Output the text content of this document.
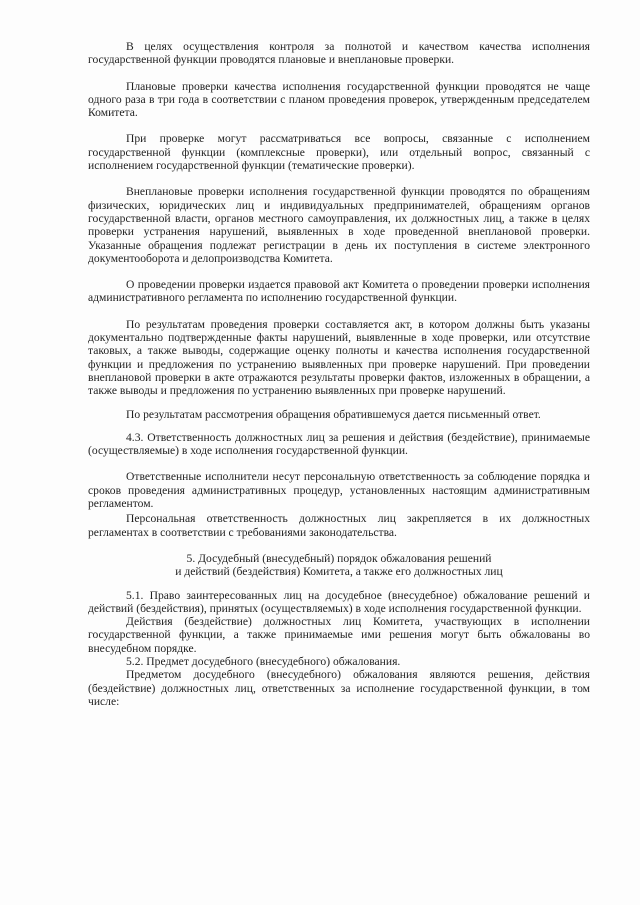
В целях осуществления контроля за полнотой и качеством качества исполнения государственной функции проводятся плановые и внеплановые проверки.

Плановые проверки качества исполнения государственной функции проводятся не чаще одного раза в три года в соответствии с планом проведения проверок, утвержденным председателем Комитета.

При проверке могут рассматриваться все вопросы, связанные с исполнением государственной функции (комплексные проверки), или отдельный вопрос, связанный с исполнением государственной функции (тематические проверки).

Внеплановые проверки исполнения государственной функции проводятся по обращениям физических, юридических лиц и индивидуальных предпринимателей, обращениям органов государственной власти, органов местного самоуправления, их должностных лиц, а также в целях проверки устранения нарушений, выявленных в ходе проведенной внеплановой проверки. Указанные обращения подлежат регистрации в день их поступления в системе электронного документооборота и делопроизводства Комитета.

О проведении проверки издается правовой акт Комитета о проведении проверки исполнения административного регламента по исполнению государственной функции.

По результатам проведения проверки составляется акт, в котором должны быть указаны документально подтвержденные факты нарушений, выявленные в ходе проверки, или отсутствие таковых, а также выводы, содержащие оценку полноты и качества исполнения государственной функции и предложения по устранению выявленных при проверке нарушений. При проведении внеплановой проверки в акте отражаются результаты проверки фактов, изложенных в обращении, а также выводы и предложения по устранению выявленных при проверке нарушений.

По результатам рассмотрения обращения обратившемуся дается письменный ответ.

4.3. Ответственность должностных лиц за решения и действия (бездействие), принимаемые (осуществляемые) в ходе исполнения государственной функции.

Ответственные исполнители несут персональную ответственность за соблюдение порядка и сроков проведения административных процедур, установленных настоящим административным регламентом.

Персональная ответственность должностных лиц закрепляется в их должностных регламентах в соответствии с требованиями законодательства.

5. Досудебный (внесудебный) порядок обжалования решений

и действий (бездействия) Комитета, а также его должностных лиц

5.1. Право заинтересованных лиц на досудебное (внесудебное) обжалование решений и действий (бездействия), принятых (осуществляемых) в ходе исполнения государственной функции.

Действия (бездействие) должностных лиц Комитета, участвующих в исполнении государственной функции, а также принимаемые ими решения могут быть обжалованы во внесудебном порядке.

5.2. Предмет досудебного (внесудебного) обжалования.

Предметом досудебного (внесудебного) обжалования являются решения, действия (бездействие) должностных лиц, ответственных за исполнение государственной функции, в том числе:
